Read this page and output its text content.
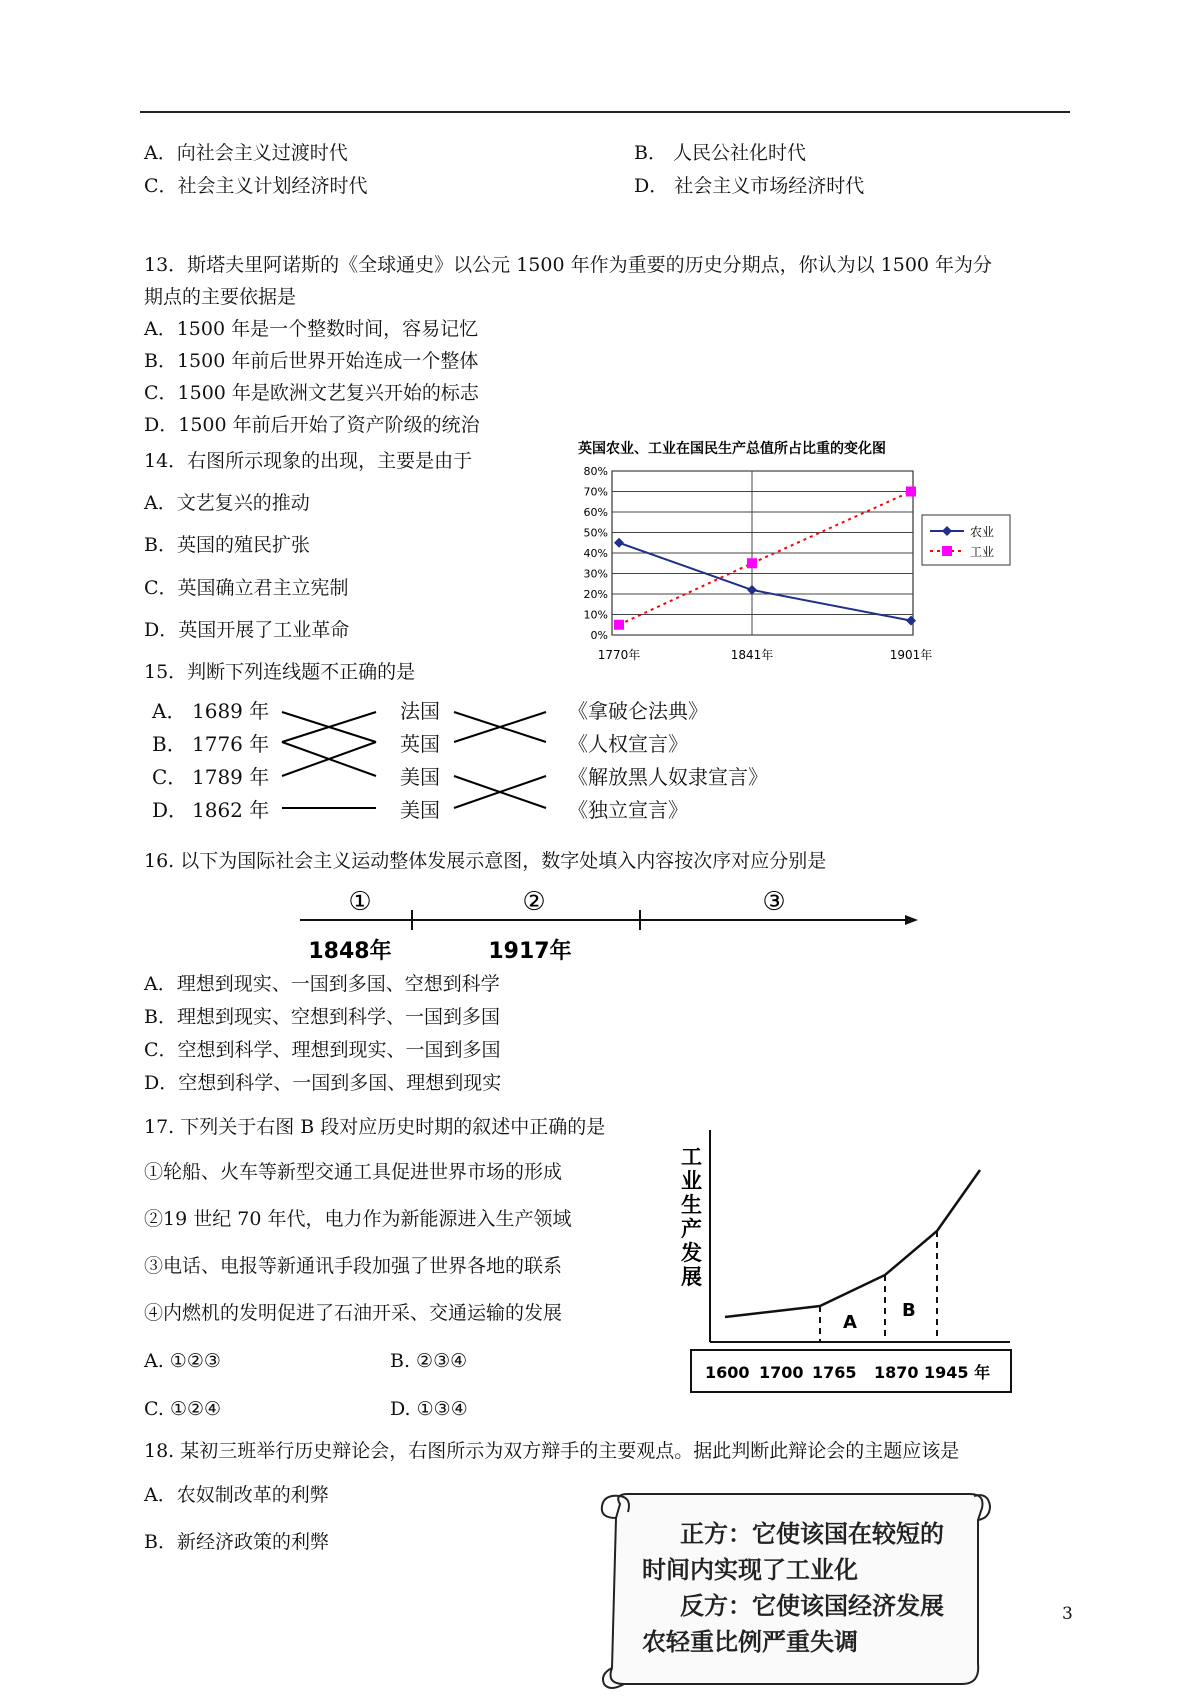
A．向社会主义过渡时代	B． 人民公社化时代
C．社会主义计划经济时代	D． 社会主义市场经济时代
13．斯塔夫里阿诺斯的《全球通史》以公元 1500 年作为重要的历史分期点，你认为以 1500 年为分
期点的主要依据是
A．1500 年是一个整数时间，容易记忆
B．1500 年前后世界开始连成一个整体
C．1500 年是欧洲文艺复兴开始的标志
D．1500 年前后开始了资产阶级的统治
14．右图所示现象的出现，主要是由于
A．文艺复兴的推动
B．英国的殖民扩张
C．英国确立君主立宪制
D．英国开展了工业革命
英国农业、工业在国民生产总值所占比重的变化图
0%
10%
20%
30%
40%
50%
60%
70%
80%
1770年	1841年	1901年
农业
工业
15．判断下列连线题不正确的是
A． 1689 年	法国	《拿破仑法典》
B． 1776 年	英国	《人权宣言》
C． 1789 年	美国	《解放黑人奴隶宣言》
D． 1862 年	美国	《独立宣言》
16. 以下为国际社会主义运动整体发展示意图，数字处填入内容按次序对应分别是
①	②	③
1848年	1917年
A．理想到现实、一国到多国、空想到科学
B．理想到现实、空想到科学、一国到多国
C．空想到科学、理想到现实、一国到多国
D．空想到科学、一国到多国、理想到现实
17. 下列关于右图 B 段对应历史时期的叙述中正确的是
①轮船、火车等新型交通工具促进世界市场的形成
②19 世纪 70 年代，电力作为新能源进入生产领域
③电话、电报等新通讯手段加强了世界各地的联系
④内燃机的发明促进了石油开采、交通运输的发展
A. ①②③	B. ②③④
C. ①②④	D. ①③④
工
业
生
产
发
展
A
B
1600 1700 1765 1870 1945 年
18. 某初三班举行历史辩论会，右图所示为双方辩手的主要观点。据此判断此辩论会的主题应该是
A．农奴制改革的利弊
B．新经济政策的利弊	正方：它使该国在较短的
时间内实现了工业化
反方：它使该国经济发展
农轻重比例严重失调
3
